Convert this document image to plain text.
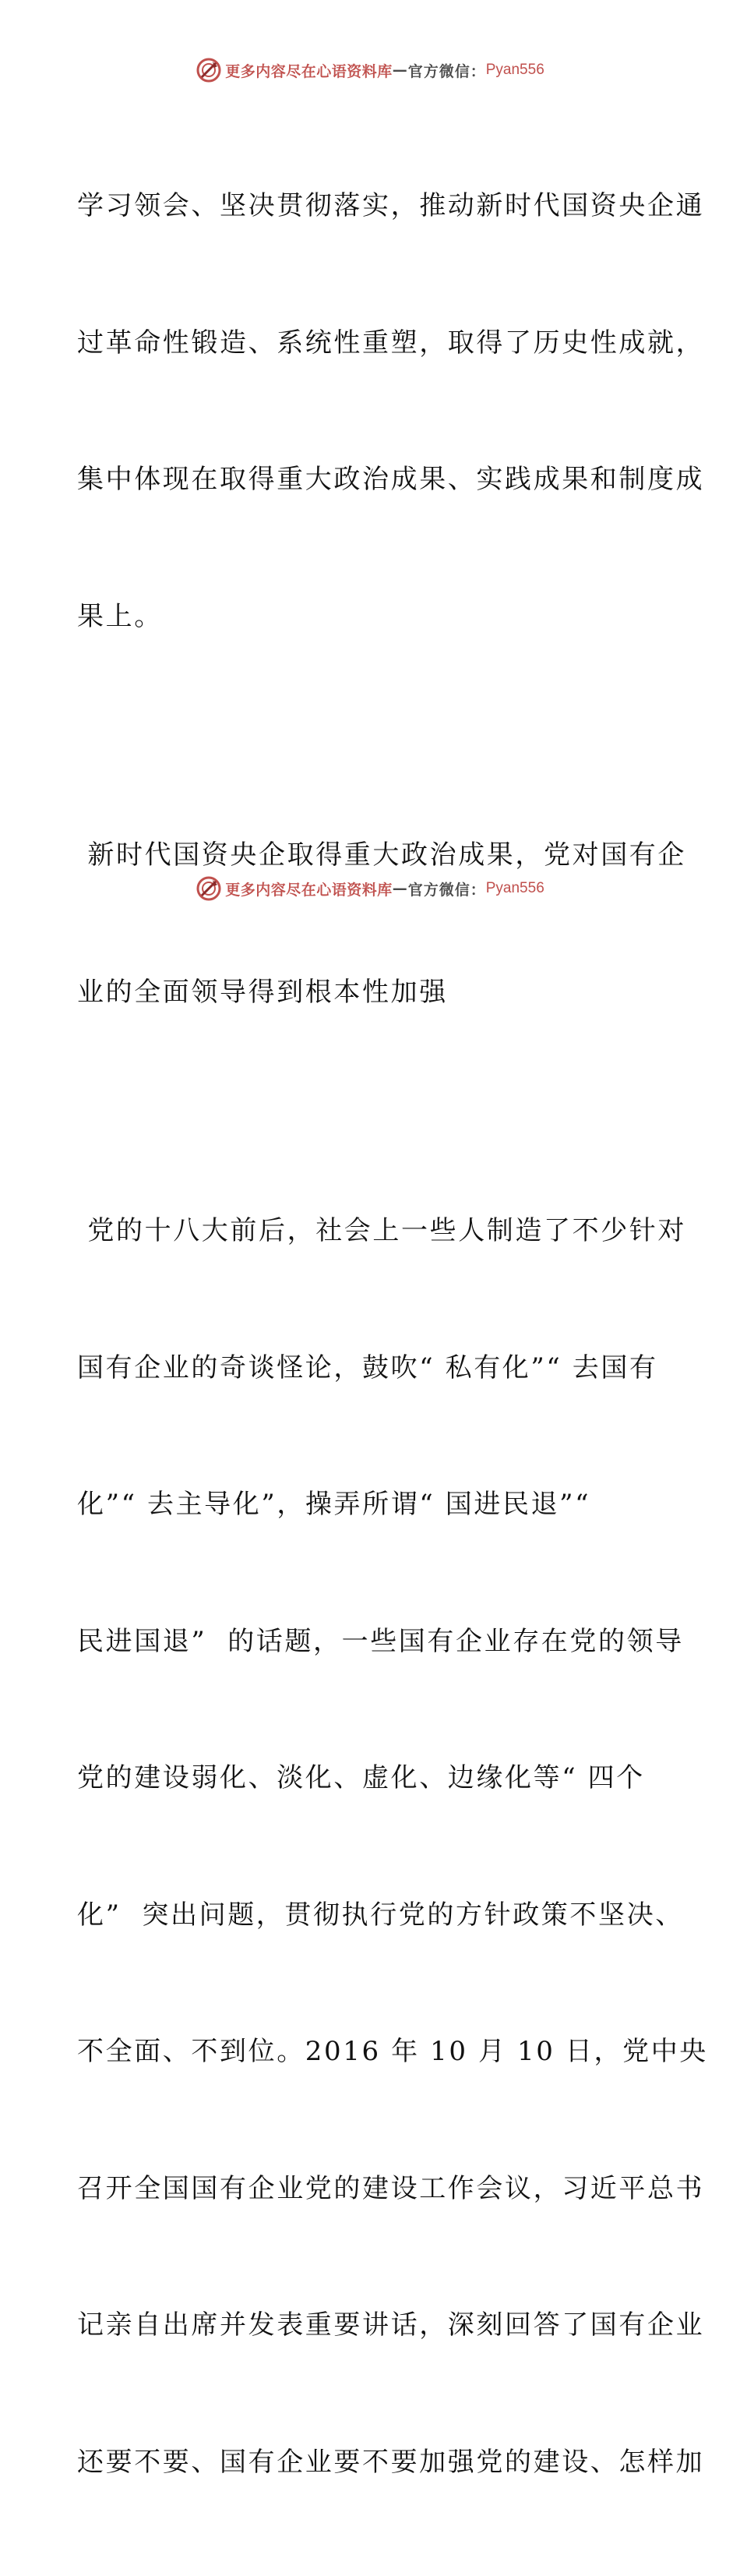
更多内容尽在心语资料库 — 官方微信： Pyan556

学习领会、坚决贯彻落实，推动新时代国资央企通

过革命性锻造、系统性重塑，取得了历史性成就，

集中体现在取得重大政治成果、实践成果和制度成

果上。

新时代国资央企取得重大政治成果，党对国有企

业的全面领导得到根本性加强

党的十八大前后，社会上一些人制造了不少针对

国有企业的奇谈怪论，鼓吹“ 私有化”“ 去国有

化”“ 去主导化”，操弄所谓“ 国进民退”“

民进国退”  的话题，一些国有企业存在党的领导

党的建设弱化、淡化、虚化、边缘化等“ 四个

化”  突出问题，贯彻执行党的方针政策不坚决、

不全面、不到位。2016 年 10 月 10 日，党中央

召开全国国有企业党的建设工作会议，习近平总书

记亲自出席并发表重要讲话，深刻回答了国有企业

还要不要、国有企业要不要加强党的建设、怎样加

更多内容尽在心语资料库 — 官方微信： Pyan556
